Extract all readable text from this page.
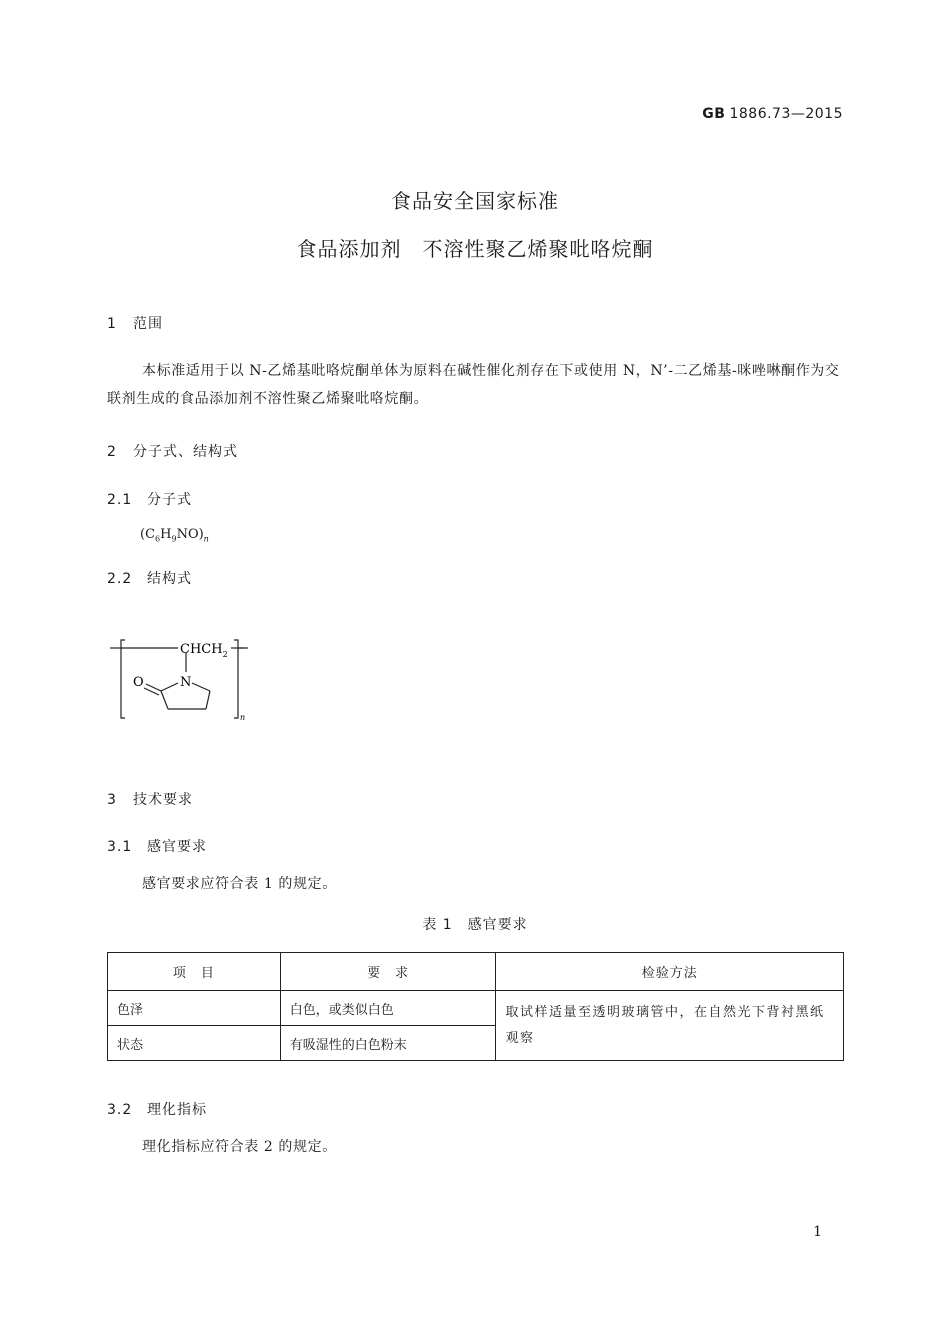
GB 1886.73—2015
食品安全国家标准
食品添加剂　不溶性聚乙烯聚吡咯烷酮
1 范围
本标准适用于以 N-乙烯基吡咯烷酮单体为原料在碱性催化剂存在下或使用 N，N’-二乙烯基-咪唑啉酮作为交联剂生成的食品添加剂不溶性聚乙烯聚吡咯烷酮。
2 分子式、结构式
2.1 分子式
$(C_6H_9NO)_n$
2.2 结构式
$CHCH_2$
N
O
n
3 技术要求
3.1 感官要求
感官要求应符合表 1 的规定。
表 1　感官要求
项　目	要　求	检验方法
色泽	白色，或类似白色	取试样适量至透明玻璃管中，在自然光下背衬黑纸观察
状态	有吸湿性的白色粉末	
3.2 理化指标
理化指标应符合表 2 的规定。
1
